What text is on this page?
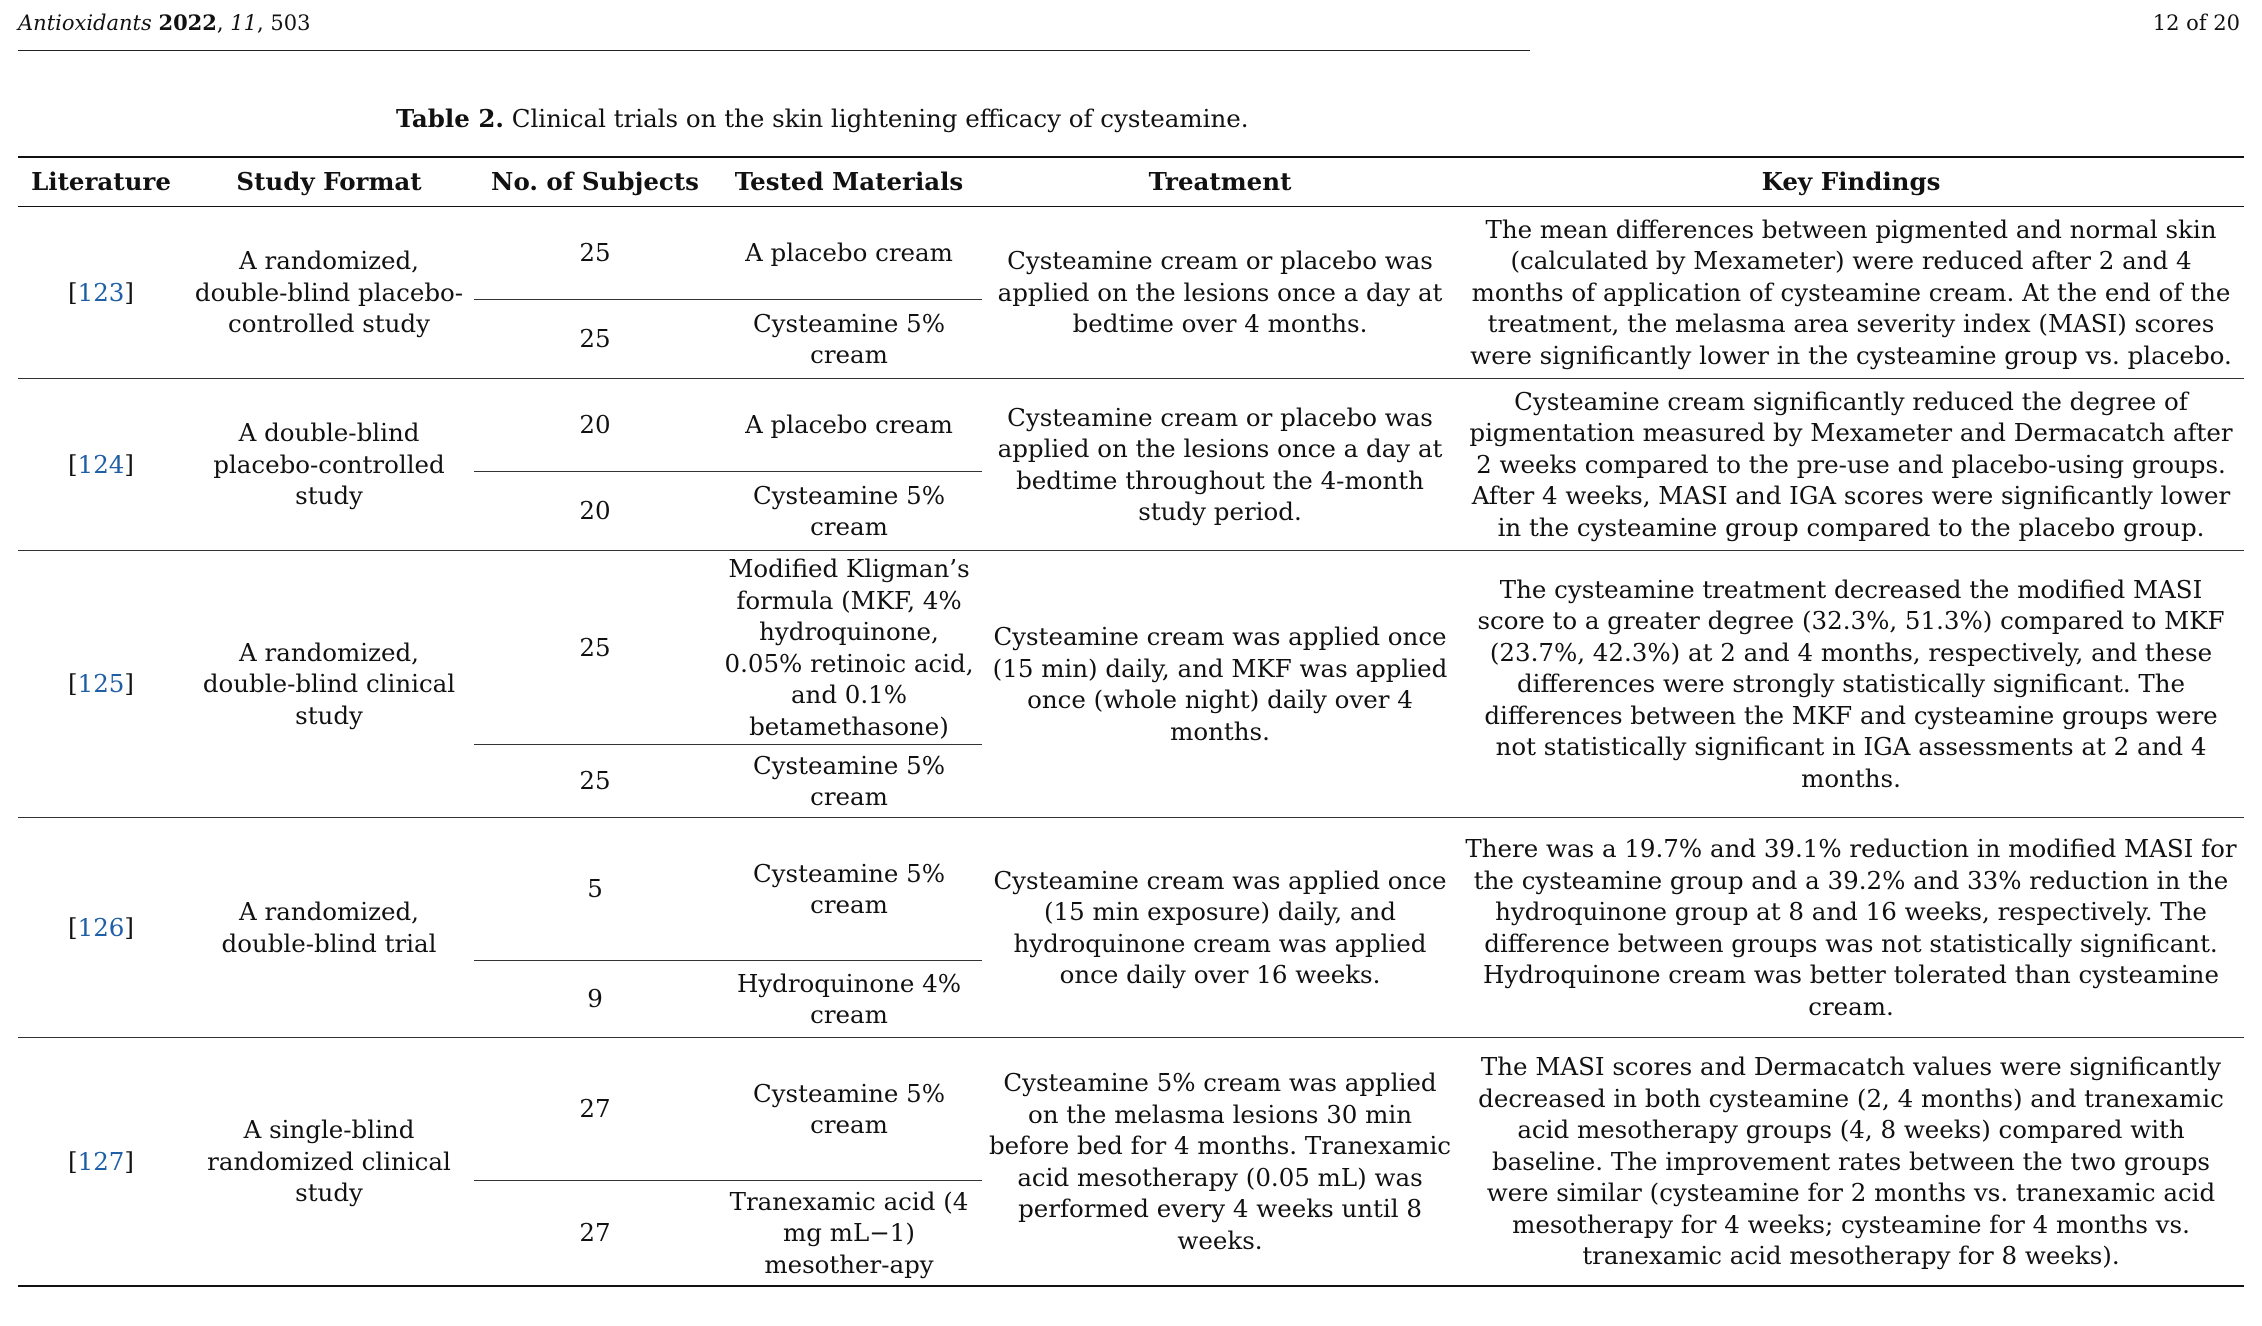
Antioxidants 2022, 11, 503	12 of 20
Table 2. Clinical trials on the skin lightening efficacy of cysteamine.
Literature	Study Format	No. of Subjects	Tested Materials	Treatment	Key Findings
[123]	A randomized, double-blind placebo-controlled study	25	A placebo cream	Cysteamine cream or placebo was applied on the lesions once a day at bedtime over 4 months.	The mean differences between pigmented and normal skin (calculated by Mexameter) were reduced after 2 and 4 months of application of cysteamine cream. At the end of the treatment, the melasma area severity index (MASI) scores were significantly lower in the cysteamine group vs. placebo.
		25	Cysteamine 5% cream		
[124]	A double-blind placebo-controlled study	20	A placebo cream	Cysteamine cream or placebo was applied on the lesions once a day at bedtime throughout the 4-month study period.	Cysteamine cream significantly reduced the degree of pigmentation measured by Mexameter and Dermacatch after 2 weeks compared to the pre-use and placebo-using groups. After 4 weeks, MASI and IGA scores were significantly lower in the cysteamine group compared to the placebo group.
		20	Cysteamine 5% cream		
[125]	A randomized, double-blind clinical study	25	Modified Kligman’s formula (MKF, 4% hydroquinone, 0.05% retinoic acid, and 0.1% betamethasone)	Cysteamine cream was applied once (15 min) daily, and MKF was applied once (whole night) daily over 4 months.	The cysteamine treatment decreased the modified MASI score to a greater degree (32.3%, 51.3%) compared to MKF (23.7%, 42.3%) at 2 and 4 months, respectively, and these differences were strongly statistically significant. The differences between the MKF and cysteamine groups were not statistically significant in IGA assessments at 2 and 4 months.
		25	Cysteamine 5% cream		
[126]	A randomized, double-blind trial	5	Cysteamine 5% cream	Cysteamine cream was applied once (15 min exposure) daily, and hydroquinone cream was applied once daily over 16 weeks.	There was a 19.7% and 39.1% reduction in modified MASI for the cysteamine group and a 39.2% and 33% reduction in the hydroquinone group at 8 and 16 weeks, respectively. The difference between groups was not statistically significant. Hydroquinone cream was better tolerated than cysteamine cream.
		9	Hydroquinone 4% cream		
[127]	A single-blind randomized clinical study	27	Cysteamine 5% cream	Cysteamine 5% cream was applied on the melasma lesions 30 min before bed for 4 months. Tranexamic acid mesotherapy (0.05 mL) was performed every 4 weeks until 8 weeks.	The MASI scores and Dermacatch values were significantly decreased in both cysteamine (2, 4 months) and tranexamic acid mesotherapy groups (4, 8 weeks) compared with baseline. The improvement rates between the two groups were similar (cysteamine for 2 months vs. tranexamic acid mesotherapy for 4 weeks; cysteamine for 4 months vs. tranexamic acid mesotherapy for 8 weeks).
		27	Tranexamic acid (4 mg mL−1) mesother-apy		
